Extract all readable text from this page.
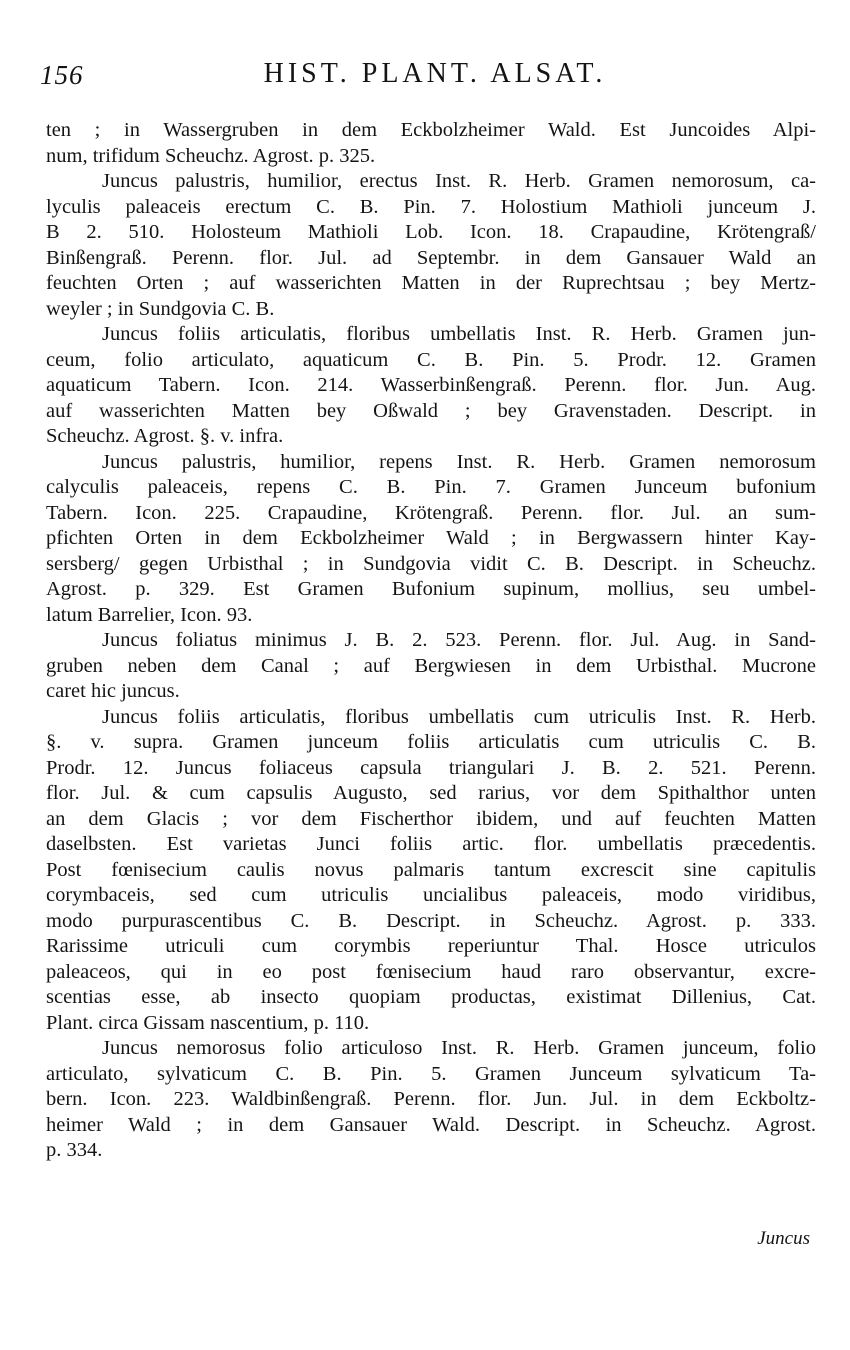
156	HIST. PLANT. ALSAT.
ten ; in Wassergruben in dem Eckbolzheimer Wald. Est Juncoides Alpi-
num, trifidum Scheuchz. Agrost. p. 325.
Juncus palustris, humilior, erectus Inst. R. Herb. Gramen nemorosum, ca-
lyculis paleaceis erectum C. B. Pin. 7. Holostium Mathioli junceum J.
B 2. 510. Holosteum Mathioli Lob. Icon. 18. Crapaudine, Krötengraß/
Binßengraß. Perenn. flor. Jul. ad Septembr. in dem Gansauer Wald an
feuchten Orten ; auf wasserichten Matten in der Ruprechtsau ; bey Mertz-
weyler ; in Sundgovia C. B.
Juncus foliis articulatis, floribus umbellatis Inst. R. Herb. Gramen jun-
ceum, folio articulato, aquaticum C. B. Pin. 5. Prodr. 12. Gramen
aquaticum Tabern. Icon. 214. Wasserbinßengraß. Perenn. flor. Jun. Aug.
auf wasserichten Matten bey Oßwald ; bey Gravenstaden. Descript. in
Scheuchz. Agrost. §. v. infra.
Juncus palustris, humilior, repens Inst. R. Herb. Gramen nemorosum
calyculis paleaceis, repens C. B. Pin. 7. Gramen Junceum bufonium
Tabern. Icon. 225. Crapaudine, Krötengraß. Perenn. flor. Jul. an sum-
pfichten Orten in dem Eckbolzheimer Wald ; in Bergwassern hinter Kay-
sersberg/ gegen Urbisthal ; in Sundgovia vidit C. B. Descript. in Scheuchz.
Agrost. p. 329. Est Gramen Bufonium supinum, mollius, seu umbel-
latum Barrelier, Icon. 93.
Juncus foliatus minimus J. B. 2. 523. Perenn. flor. Jul. Aug. in Sand-
gruben neben dem Canal ; auf Bergwiesen in dem Urbisthal. Mucrone
caret hic juncus.
Juncus foliis articulatis, floribus umbellatis cum utriculis Inst. R. Herb.
§. v. supra. Gramen junceum foliis articulatis cum utriculis C. B.
Prodr. 12. Juncus foliaceus capsula triangulari J. B. 2. 521. Perenn.
flor. Jul. & cum capsulis Augusto, sed rarius, vor dem Spithalthor unten
an dem Glacis ; vor dem Fischerthor ibidem, und auf feuchten Matten
daselbsten. Est varietas Junci foliis artic. flor. umbellatis præcedentis.
Post fœnisecium caulis novus palmaris tantum excrescit sine capitulis
corymbaceis, sed cum utriculis uncialibus paleaceis, modo viridibus,
modo purpurascentibus C. B. Descript. in Scheuchz. Agrost. p. 333.
Rarissime utriculi cum corymbis reperiuntur Thal. Hosce utriculos
paleaceos, qui in eo post fœnisecium haud raro observantur, excre-
scentias esse, ab insecto quopiam productas, existimat Dillenius, Cat.
Plant. circa Gissam nascentium, p. 110.
Juncus nemorosus folio articuloso Inst. R. Herb. Gramen junceum, folio
articulato, sylvaticum C. B. Pin. 5. Gramen Junceum sylvaticum Ta-
bern. Icon. 223. Waldbinßengraß. Perenn. flor. Jun. Jul. in dem Eckboltz-
heimer Wald ; in dem Gansauer Wald. Descript. in Scheuchz. Agrost.
p. 334.
Juncus
